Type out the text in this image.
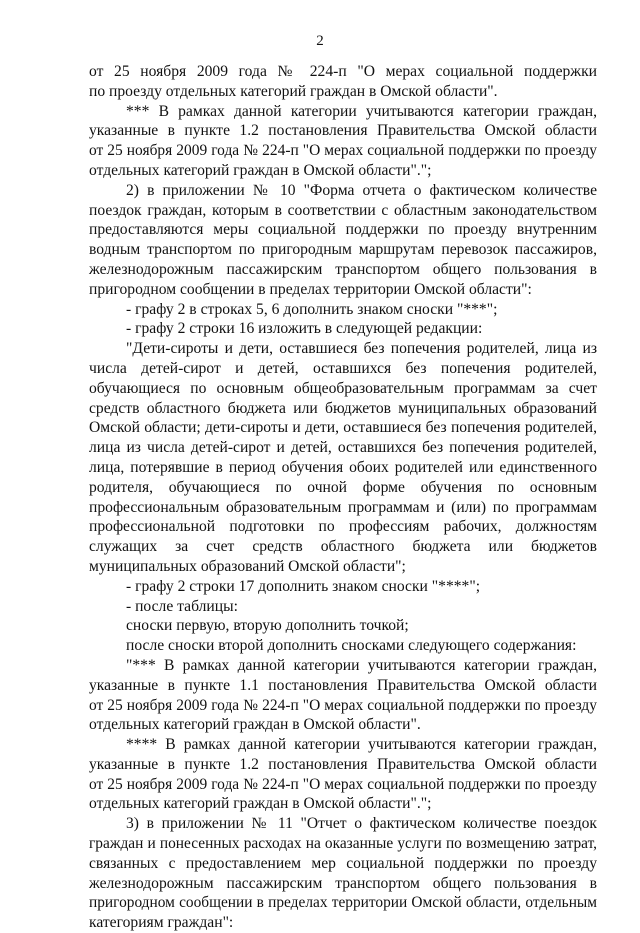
2
от 25 ноября 2009 года № 224-п "О мерах социальной поддержки
по проезду отдельных категорий граждан в Омской области".
*** В рамках данной категории учитываются категории граждан,
указанные в пункте 1.2 постановления Правительства Омской области
от 25 ноября 2009 года № 224-п "О мерах социальной поддержки по проезду
отдельных категорий граждан в Омской области".";
2) в приложении № 10 "Форма отчета о фактическом количестве
поездок граждан, которым в соответствии с областным законодательством
предоставляются меры социальной поддержки по проезду внутренним
водным транспортом по пригородным маршрутам перевозок пассажиров,
железнодорожным пассажирским транспортом общего пользования в
пригородном сообщении в пределах территории Омской области":
- графу 2 в строках 5, 6 дополнить знаком сноски "***";
- графу 2 строки 16 изложить в следующей редакции:
"Дети-сироты и дети, оставшиеся без попечения родителей, лица из
числа детей-сирот и детей, оставшихся без попечения родителей,
обучающиеся по основным общеобразовательным программам за счет
средств областного бюджета или бюджетов муниципальных образований
Омской области; дети-сироты и дети, оставшиеся без попечения родителей,
лица из числа детей-сирот и детей, оставшихся без попечения родителей,
лица, потерявшие в период обучения обоих родителей или единственного
родителя, обучающиеся по очной форме обучения по основным
профессиональным образовательным программам и (или) по программам
профессиональной подготовки по профессиям рабочих, должностям
служащих за счет средств областного бюджета или бюджетов
муниципальных образований Омской области";
- графу 2 строки 17 дополнить знаком сноски "****";
- после таблицы:
сноски первую, вторую дополнить точкой;
после сноски второй дополнить сносками следующего содержания:
"*** В рамках данной категории учитываются категории граждан,
указанные в пункте 1.1 постановления Правительства Омской области
от 25 ноября 2009 года № 224-п "О мерах социальной поддержки по проезду
отдельных категорий граждан в Омской области".
**** В рамках данной категории учитываются категории граждан,
указанные в пункте 1.2 постановления Правительства Омской области
от 25 ноября 2009 года № 224-п "О мерах социальной поддержки по проезду
отдельных категорий граждан в Омской области".";
3) в приложении № 11 "Отчет о фактическом количестве поездок
граждан и понесенных расходах на оказанные услуги по возмещению затрат,
связанных с предоставлением мер социальной поддержки по проезду
железнодорожным пассажирским транспортом общего пользования в
пригородном сообщении в пределах территории Омской области, отдельным
категориям граждан":
